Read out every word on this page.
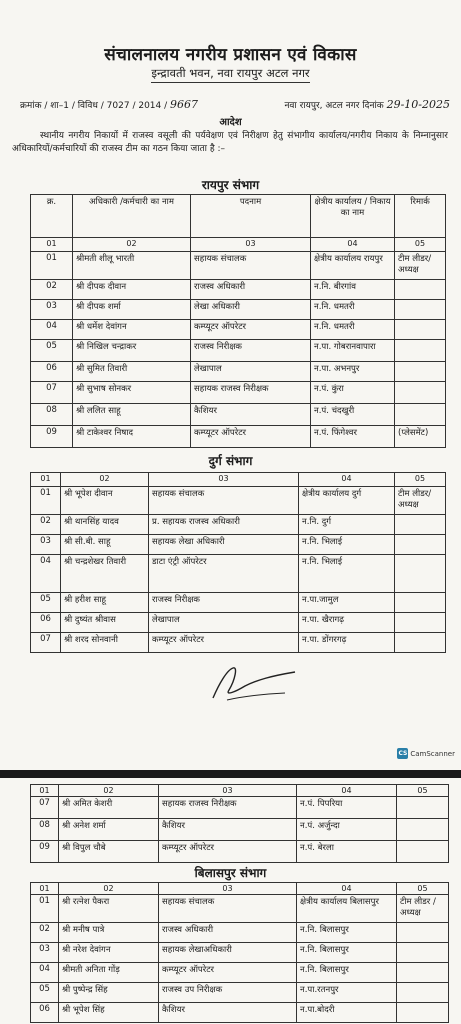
संचालनालय नगरीय प्रशासन एवं विकास
इन्द्रावती भवन, नवा रायपुर अटल नगर
क्रमांक / शा–1 / विविध / 7027 / 2014 / 9667	नवा रायपुर, अटल नगर दिनांक 29-10-2025
आदेश
स्थानीय नगरीय निकायों में राजस्व वसूली की पर्यवेक्षण एवं निरीक्षण हेतु संभागीय कार्यालय/नगरीय निकाय के निम्नानुसार अधिकारियों/कर्मचारियों की राजस्व टीम का गठन किया जाता है :–
रायपुर संभाग
क्र.	अधिकारी /कर्मचारी का नाम	पदनाम	क्षेत्रीय कार्यालय / निकाय का नाम	रिमार्क
01	02	03	04	05
01	श्रीमती शीलू भारती	सहायक संचालक	क्षेत्रीय कार्यालय रायपुर	टीम लीडर/अध्यक्ष
02	श्री दीपक दीवान	राजस्व अधिकारी	न.नि. बीरगांव	
03	श्री दीपक शर्मा	लेखा अधिकारी	न.नि. धमतरी	
04	श्री धर्मेश देवांगन	कम्प्यूटर ऑपरेटर	न.नि. धमतरी	
05	श्री निखिल चन्द्राकर	राजस्व निरीक्षक	न.पा. गोबरानवापारा	
06	श्री सुमित तिवारी	लेखापाल	न.पा. अभनपुर	
07	श्री सुभाष सोनकर	सहायक राजस्व निरीक्षक	न.पं. कुंरा	
08	श्री ललित साहू	कैशियर	न.पं. चंदखुरी	
09	श्री टाकेश्वर निषाद	कम्प्यूटर ऑपरेटर	न.पं. फिंगेश्वर	(प्लेसमेंट)
दुर्ग संभाग
01	02	03	04	05
01	श्री भूपेश दीवान	सहायक संचालक	क्षेत्रीय कार्यालय दुर्ग	टीम लीडर/अध्यक्ष
02	श्री थानसिंह यादव	प्र. सहायक राजस्व अधिकारी	न.नि. दुर्ग	
03	श्री सी.बी. साहू	सहायक लेखा अधिकारी	न.नि. भिलाई	
04	श्री चन्द्रशेखर तिवारी	डाटा एंट्री ऑपरेटर	न.नि. भिलाई	
05	श्री हरीश साहू	राजस्व निरीक्षक	न.पा.जामुल	
06	श्री दुष्यंत श्रीवास	लेखापाल	न.पा. खैरागढ़	
07	श्री शरद सोनवानी	कम्प्यूटर ऑपरेटर	न.पा. डोंगरगढ़	
CS CamScanner
01	02	03	04	05
07	श्री अमित केशरी	सहायक राजस्व निरीक्षक	न.पं. पिपरिया	
08	श्री अनेश शर्मा	कैशियर	न.पं. अर्जुन्दा	
09	श्री विपुल चौबे	कम्प्यूटर ऑपरेटर	न.पं. बेरला	
बिलासपुर संभाग
01	02	03	04	05
01	श्री रत्नेश पैकरा	सहायक संचालक	क्षेत्रीय कार्यालय बिलासपुर	टीम लीडर /अध्यक्ष
02	श्री मनीष पात्रे	राजस्व अधिकारी	न.नि. बिलासपुर	
03	श्री नरेश देवांगन	सहायक लेखाअधिकारी	न.नि. बिलासपुर	
04	श्रीमती अनिता गोंड़	कम्प्यूटर ऑपरेटर	न.नि. बिलासपुर	
05	श्री पुष्पेन्द्र सिंह	राजस्व उप निरीक्षक	न.पा.रतनपुर	
06	श्री भूपेश सिंह	कैशियर	न.पा.बोदरी	
